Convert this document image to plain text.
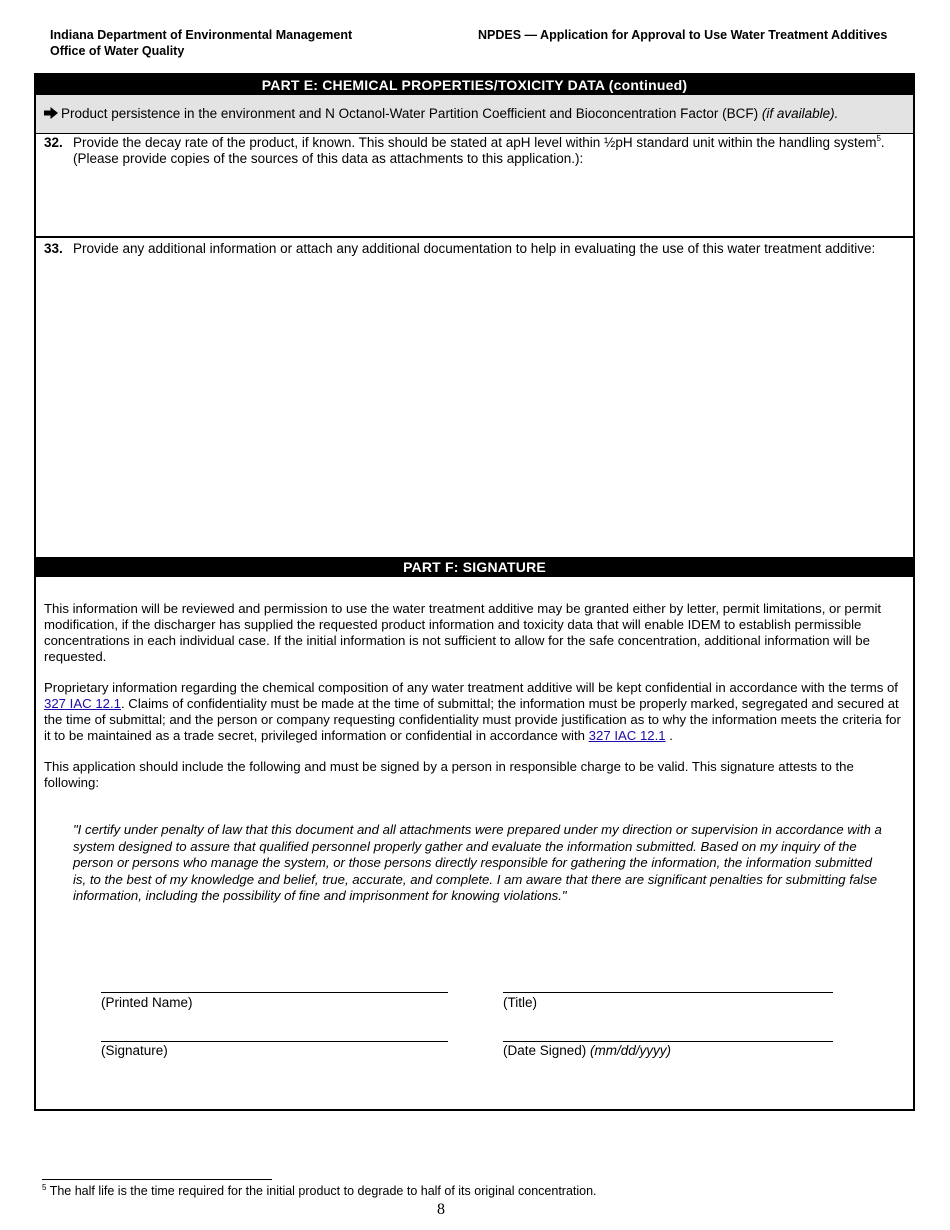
Indiana Department of Environmental Management
Office of Water Quality
NPDES — Application for Approval to Use Water Treatment Additives
PART E: CHEMICAL PROPERTIES/TOXICITY DATA (continued)
Product persistence in the environment and N Octanol-Water Partition Coefficient and Bioconcentration Factor (BCF) (if available).
32. Provide the decay rate of the product, if known. This should be stated at apH level within ½pH standard unit within the handling system$^5$. (Please provide copies of the sources of this data as attachments to this application.):
33. Provide any additional information or attach any additional documentation to help in evaluating the use of this water treatment additive:
PART F: SIGNATURE
This information will be reviewed and permission to use the water treatment additive may be granted either by letter, permit limitations, or permit modification, if the discharger has supplied the requested product information and toxicity data that will enable IDEM to establish permissible concentrations in each individual case. If the initial information is not sufficient to allow for the safe concentration, additional information will be requested.
Proprietary information regarding the chemical composition of any water treatment additive will be kept confidential in accordance with the terms of 327 IAC 12.1. Claims of confidentiality must be made at the time of submittal; the information must be properly marked, segregated and secured at the time of submittal; and the person or company requesting confidentiality must provide justification as to why the information meets the criteria for it to be maintained as a trade secret, privileged information or confidential in accordance with 327 IAC 12.1 .
This application should include the following and must be signed by a person in responsible charge to be valid. This signature attests to the following:
"I certify under penalty of law that this document and all attachments were prepared under my direction or supervision in accordance with a system designed to assure that qualified personnel properly gather and evaluate the information submitted. Based on my inquiry of the person or persons who manage the system, or those persons directly responsible for gathering the information, the information submitted is, to the best of my knowledge and belief, true, accurate, and complete. I am aware that there are significant penalties for submitting false information, including the possibility of fine and imprisonment for knowing violations."
(Printed Name)	(Title)
(Signature)	(Date Signed) (mm/dd/yyyy)
$^5$ The half life is the time required for the initial product to degrade to half of its original concentration.
8
